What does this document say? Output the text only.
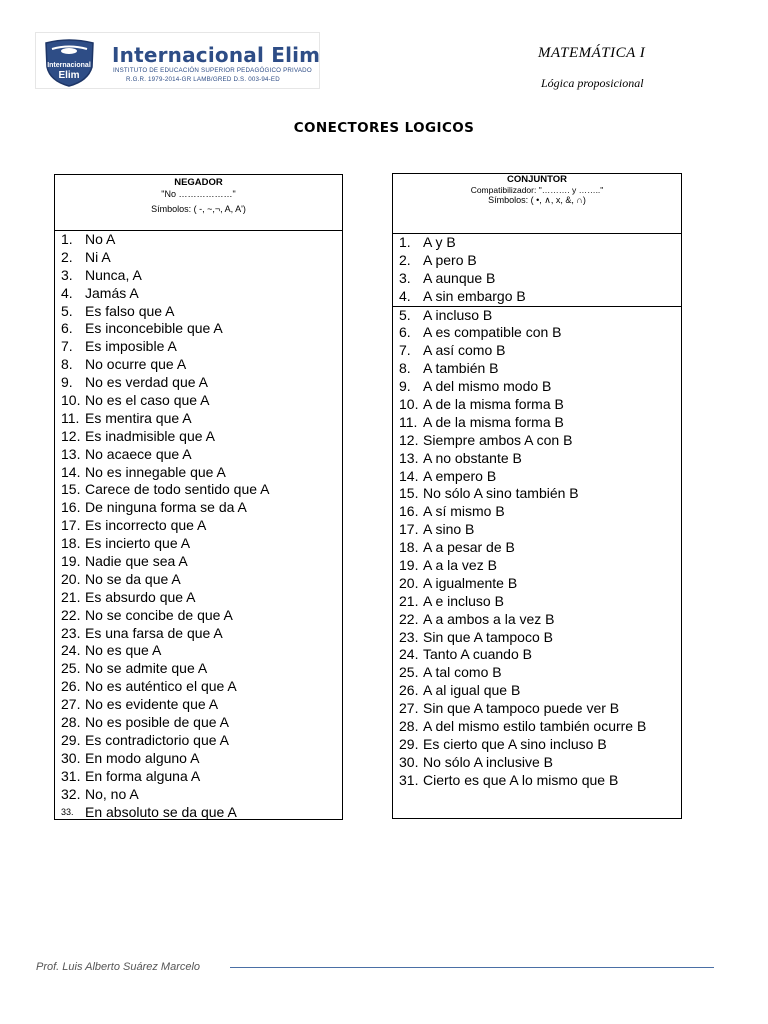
Internacional
Elim
Internacional Elim
INSTITUTO DE EDUCACIÓN SUPERIOR PEDAGÓGICO PRIVADO
R.G.R. 1979-2014-GR LAMB/GRED D.S. 003-94-ED
MATEMÁTICA I
Lógica proposicional
CONECTORES LOGICOS
NEGADOR
"No ………………"
Símbolos: ( -, ~,¬, A, A')
1. No A
2. Ni A
3. Nunca, A
4. Jamás A
5. Es falso que A
6. Es inconcebible que A
7. Es imposible A
8. No ocurre que A
9. No es verdad que A
10. No es el caso que A
11. Es mentira que A
12. Es inadmisible que A
13. No acaece que A
14. No es innegable que A
15. Carece de todo sentido que A
16. De ninguna forma se da A
17. Es incorrecto que A
18. Es incierto que A
19. Nadie que sea A
20. No se da que A
21. Es absurdo que A
22. No se concibe de que A
23. Es una farsa de que A
24. No es que A
25. No se admite que A
26. No es auténtico el que A
27. No es evidente que A
28. No es posible de que A
29. Es contradictorio que A
30. En modo alguno A
31. En forma alguna A
32. No, no A
33. En absoluto se da que A
CONJUNTOR
Compatibilizador: "………. y …….."
Símbolos: ( •, ∧, x, &, ∩)
1. A y B
2. A pero B
3. A aunque B
4. A sin embargo B
5. A incluso B
6. A es compatible con B
7. A así como B
8. A también B
9. A del mismo modo B
10. A de la misma forma B
11. A de la misma forma B
12. Siempre ambos A con B
13. A no obstante B
14. A empero B
15. No sólo A sino también B
16. A sí mismo B
17. A sino B
18. A a pesar de B
19. A a la vez B
20. A igualmente B
21. A e incluso B
22. A a ambos a la vez B
23. Sin que A tampoco B
24. Tanto A cuando B
25. A tal como B
26. A al igual que B
27. Sin que A tampoco puede ver B
28. A del mismo estilo también ocurre B
29. Es cierto que A sino incluso B
30. No sólo A inclusive B
31. Cierto es que A lo mismo que B
Prof. Luis Alberto Suárez Marcelo
